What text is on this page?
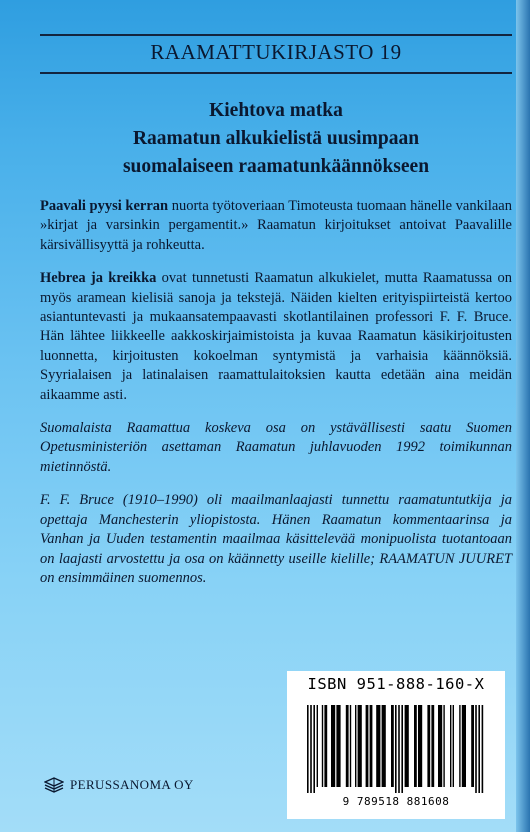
RAAMATTUKIRJASTO 19
Kiehtova matka
Raamatun alkukielistä uusimpaan
suomalaiseen raamatunkäännökseen

Paavali pyysi kerran nuorta työtoveriaan Timoteusta tuomaan hänelle vankilaan »kirjat ja varsinkin pergamentit.» Raamatun kirjoitukset antoivat Paavalille kärsivällisyyttä ja rohkeutta.

Hebrea ja kreikka ovat tunnetusti Raamatun alkukielet, mutta Raamatussa on myös aramean kielisiä sanoja ja tekstejä. Näiden kielten erityispiirteistä kertoo asiantuntevasti ja mukaansatempaavasti skotlantilainen professori F. F. Bruce. Hän lähtee liikkeelle aakkoskirjaimistoista ja kuvaa Raamatun käsikirjoitusten luonnetta, kirjoitusten kokoelman syntymistä ja varhaisia käännöksiä. Syyrialaisen ja latinalaisen raamattulaitoksien kautta edetään aina meidän aikaamme asti.

Suomalaista Raamattua koskeva osa on ystävällisesti saatu Suomen Opetusministeriön asettaman Raamatun juhlavuoden 1992 toimikunnan mietinnöstä.

F. F. Bruce (1910–1990) oli maailmanlaajasti tunnettu raamatuntutkija ja opettaja Manchesterin yliopistosta. Hänen Raamatun kommentaarinsa ja Vanhan ja Uuden testamentin maailmaa käsittelevää monipuolista tuotantoaan on laajasti arvostettu ja osa on käännetty useille kielille; RAAMATUN JUURET on ensimmäinen suomennos.

PERUSSANOMA OY
ISBN 951-888-160-X
9 789518 881608
